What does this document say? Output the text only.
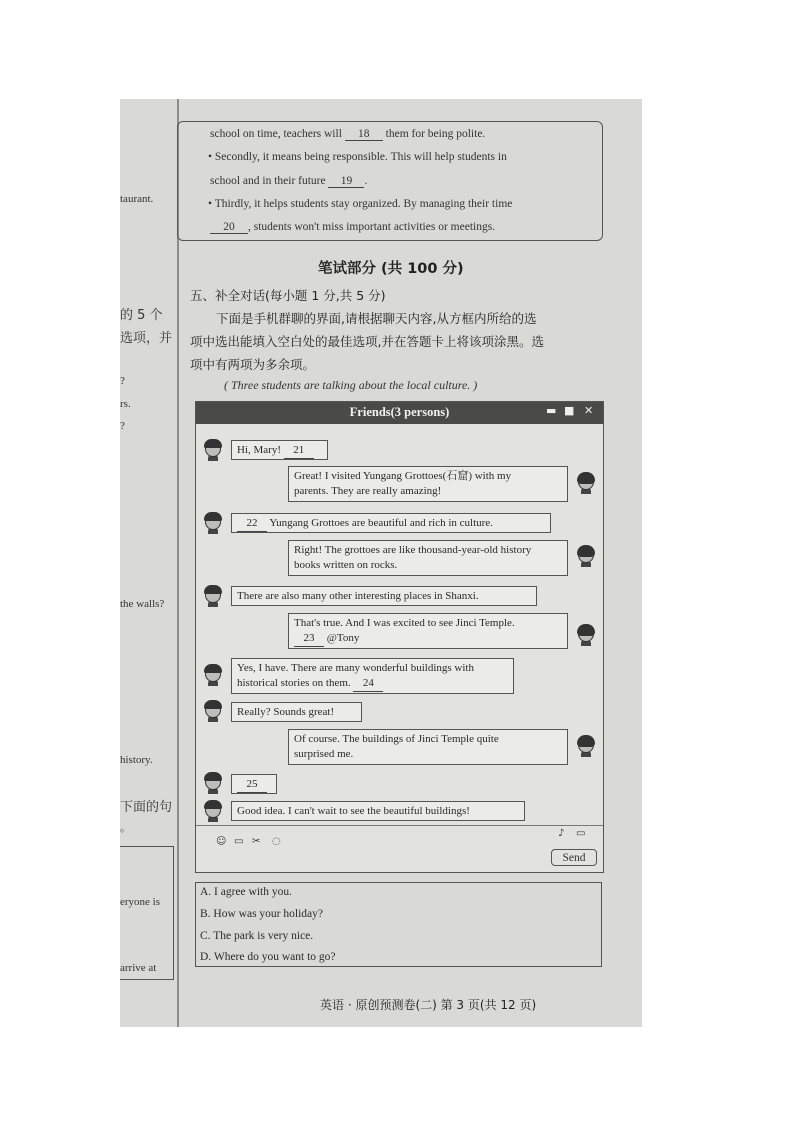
taurant.
的 5 个
选项，并
?
rs.
?
the walls?
history.
下面的句
。
eryone is
arrive at
school on time, teachers will 18 them for being polite.
• Secondly, it means being responsible. This will help students in
school and in their future 19 .
• Thirdly, it helps students stay organized. By managing their time
20 , students won't miss important activities or meetings.
笔试部分 (共 100 分)
五、补全对话(每小题 1 分,共 5 分)
下面是手机群聊的界面,请根据聊天内容,从方框内所给的选
项中选出能填入空白处的最佳选项,并在答题卡上将该项涂黑。选
项中有两项为多余项。
( Three students are talking about the local culture. )
Friends(3 persons)	▬ ■ ✕
Hi, Mary! 21
Great! I visited Yungang Grottoes(石窟) with my
parents. They are really amazing!
22 Yungang Grottoes are beautiful and rich in culture.
Right! The grottoes are like thousand-year-old history
books written on rocks.
There are also many other interesting places in Shanxi.
That's true. And I was excited to see Jinci Temple.
23 @Tony
Yes, I have. There are many wonderful buildings with
historical stories on them. 24
Really? Sounds great!
Of course. The buildings of Jinci Temple quite
surprised me.
25
Good idea. I can't wait to see the beautiful buildings!
☺ ▭ ✂ ◌
♪ ▭
Send
A. I agree with you.
B. How was your holiday?
C. The park is very nice.
D. Where do you want to go?
英语 · 原创预测卷(二) 第 3 页(共 12 页)
